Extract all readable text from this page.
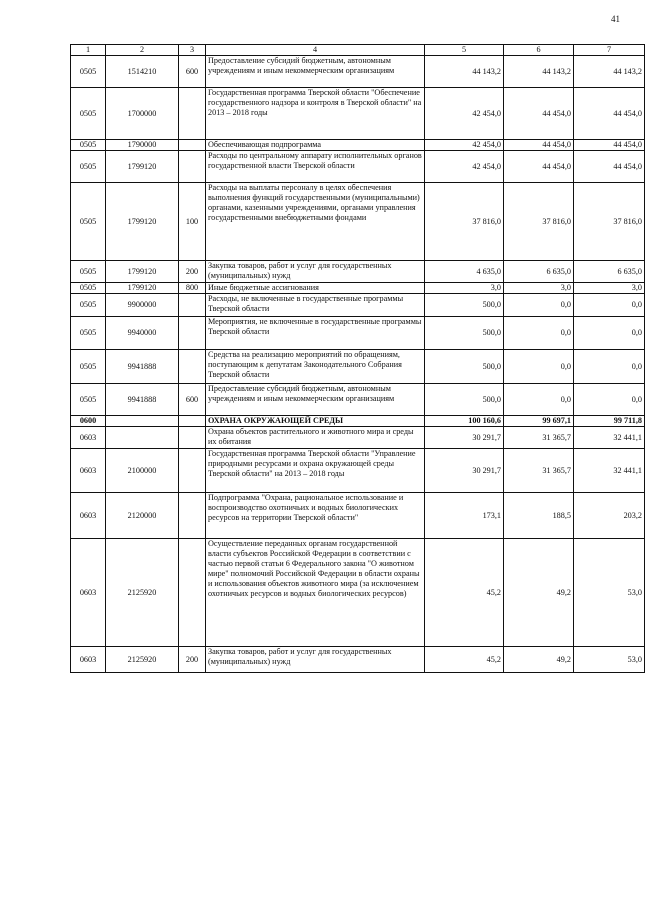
41
1	2	3	4	5	6	7
0505	1514210	600	Предоставление субсидий бюджетным, автономным учреждениям и иным некоммерческим организациям	44 143,2	44 143,2	44 143,2
0505	1700000		Государственная программа Тверской области "Обеспечение государственного надзора и контроля в Тверской области" на 2013 – 2018 годы	42 454,0	44 454,0	44 454,0
0505	1790000		Обеспечивающая подпрограмма	42 454,0	44 454,0	44 454,0
0505	1799120		Расходы по центральному аппарату исполнительных органов государственной власти Тверской области	42 454,0	44 454,0	44 454,0
0505	1799120	100	Расходы на выплаты персоналу в целях обеспечения выполнения функций государственными (муниципальными) органами, казенными учреждениями, органами управления государственными внебюджетными фондами	37 816,0	37 816,0	37 816,0
0505	1799120	200	Закупка товаров, работ и услуг для государственных (муниципальных) нужд	4 635,0	6 635,0	6 635,0
0505	1799120	800	Иные бюджетные ассигнования	3,0	3,0	3,0
0505	9900000		Расходы, не включенные в государственные программы Тверской области	500,0	0,0	0,0
0505	9940000		Мероприятия, не включенные в государственные программы Тверской области	500,0	0,0	0,0
0505	9941888		Средства на реализацию мероприятий по обращениям, поступающим к депутатам Законодательного Собрания Тверской области	500,0	0,0	0,0
0505	9941888	600	Предоставление субсидий бюджетным, автономным учреждениям и иным некоммерческим организациям	500,0	0,0	0,0
0600			ОХРАНА ОКРУЖАЮЩЕЙ СРЕДЫ	100 160,6	99 697,1	99 711,8
0603			Охрана объектов растительного и животного мира и среды их обитания	30 291,7	31 365,7	32 441,1
0603	2100000		Государственная программа Тверской области "Управление природными ресурсами и охрана окружающей среды Тверской области" на 2013 – 2018 годы	30 291,7	31 365,7	32 441,1
0603	2120000		Подпрограмма "Охрана, рациональное использование и воспроизводство охотничьих и водных биологических ресурсов на территории Тверской области"	173,1	188,5	203,2
0603	2125920		Осуществление переданных органам государственной власти субъектов Российской Федерации в соответствии с частью первой статьи 6 Федерального закона "О животном мире" полномочий Российской Федерации в области охраны и использования объектов животного мира (за исключением охотничьих ресурсов и водных биологических ресурсов)	45,2	49,2	53,0
0603	2125920	200	Закупка товаров, работ и услуг для государственных (муниципальных) нужд	45,2	49,2	53,0
